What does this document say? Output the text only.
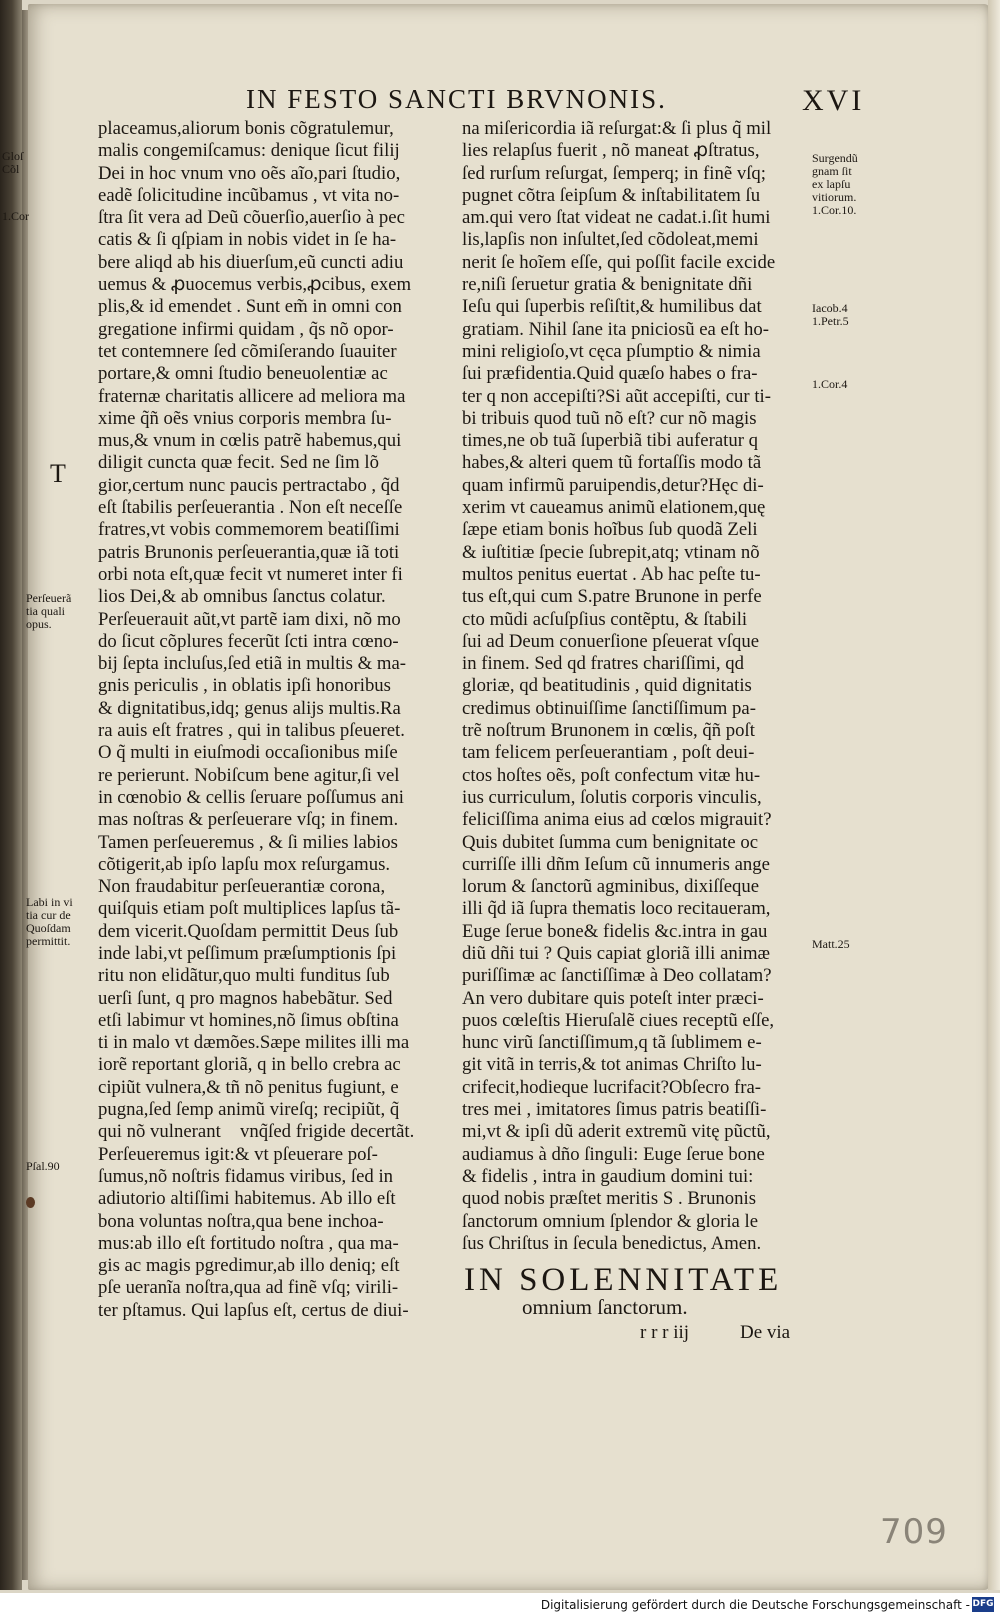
IN FESTO SANCTI BRVNONIS.	XVI
Gloſ
Cõl
1.Cor
T
Perſeuerã
tia quali
opus.
Labi in vi
tia cur de
Quoſdam
permittit.
Pſal.90
placeamus,aliorum bonis cõgratulemur,
malis congemiſcamus: denique ſicut filij
Dei in hoc vnum vno oẽs aĩo,pari ſtudio,
eadẽ ſolicitudine incũbamus , vt vita no-
ſtra ſit vera ad Deũ cõuerſio,auerſio à pec
catis & ſi qſpiam in nobis videt in ſe ha-
bere aliqd ab his diuerſum,eũ cuncti adiu
uemus & ꝓuocemus verbis,ꝓcibus, exem
plis,& id emendet . Sunt em̃ in omni con
gregatione infirmi quidam , q̃s nõ opor-
tet contemnere ſed cõmiſerando ſuauiter
portare,& omni ſtudio beneuolentiæ ac
fraternæ charitatis allicere ad meliora ma
xime q̃ñ oẽs vnius corporis membra ſu-
mus,& vnum in cœlis patrẽ habemus,qui
diligit cuncta quæ fecit. Sed ne ſim lõ
gior,certum nunc paucis pertractabo , q̃d
eſt ſtabilis perſeuerantia . Non eſt neceſſe
fratres,vt vobis commemorem beatiſſimi
patris Brunonis perſeuerantia,quæ iã toti
orbi nota eſt,quæ fecit vt numeret inter fi
lios Dei,& ab omnibus ſanctus colatur.
Perſeuerauit aũt,vt partẽ iam dixi, nõ mo
do ſicut cõplures fecerũt ſcti intra cœno-
bij ſepta incluſus,ſed etiã in multis & ma-
gnis periculis , in oblatis ipſi honoribus
& dignitatibus,idq; genus alijs multis.Ra
ra auis eſt fratres , qui in talibus pſeueret.
O q̃ multi in eiuſmodi occaſionibus miſe
re perierunt. Nobiſcum bene agitur,ſi vel
in cœnobio & cellis ſeruare poſſumus ani
mas noſtras & perſeuerare vſq; in finem.
Tamen perſeueremus , & ſi milies labios
cõtigerit,ab ipſo lapſu mox reſurgamus.
Non fraudabitur perſeuerantiæ corona,
quiſquis etiam poſt multiplices lapſus tã-
dem vicerit.Quoſdam permittit Deus ſub
inde labi,vt peſſimum præſumptionis ſpi
ritu non elidãtur,quo multi funditus ſub
uerſi ſunt, q pro magnos habebãtur. Sed
etſi labimur vt homines,nõ ſimus obſtina
ti in malo vt dæmões.Sæpe milites illi ma
iorẽ reportant gloriã, q in bello crebra ac
cipiũt vulnera,& tñ nõ penitus fugiunt, e
pugna,ſed ſemp animũ vireſq; recipiũt, q̃
qui nõ vulnerantᷓ vnq̃ſed frigide decertãt.
Perſeueremus igit:& vt pſeuerare poſ-
ſumus,nõ noſtris fidamus viribus, ſed in
adiutorio altiſſimi habitemus. Ab illo eſt
bona voluntas noſtra,qua bene inchoa-
mus:ab illo eſt fortitudo noſtra , qua ma-
gis ac magis pgredimur,ab illo deniq; eſt
pſe ueranĩa noſtra,qua ad finẽ vſq; virili-
ter pſtamus. Qui lapſus eſt, certus de diui-
na miſericordia iã reſurgat:& ſi plus q̃ mil
lies relapſus fuerit , nõ maneat ꝓſtratus,
ſed rurſum reſurgat, ſemperq; in finẽ vſq;
pugnet cõtra ſeipſum & inſtabilitatem ſu
am.qui vero ſtat videat ne cadat.i.ſit humi
lis,lapſis non inſultet,ſed cõdoleat,memi
nerit ſe hoĩem eſſe, qui poſſit facile excide
re,niſi ſeruetur gratia & benignitate dñi
Ieſu qui ſuperbis reſiſtit,& humilibus dat
gratiam. Nihil ſane ita pniciosũ ea eſt ho-
mini religioſo,vt cęca pſumptio & nimia
ſui præfidentia.Quid quæſo habes o fra-
ter q non accepiſti?Si aũt accepiſti, cur ti-
bi tribuis quod tuũ nõ eſt? cur nõ magis
times,ne ob tuã ſuperbiã tibi auferatur q
habes,& alteri quem tũ fortaſſis modo tã
quam infirmũ paruipendis,detur?Hęc di-
xerim vt caueamus animũ elationem,quę
ſæpe etiam bonis hoĩbus ſub quodã Zeli
& iuſtitiæ ſpecie ſubrepit,atq; vtinam nõ
multos penitus euertat . Ab hac peſte tu-
tus eſt,qui cum S.patre Brunone in perfe
cto mũdi acſuſpſius contẽptu, & ſtabili
ſui ad Deum conuerſione pſeuerat vſque
in finem. Sed qd fratres chariſſimi, qd
gloriæ, qd beatitudinis , quid dignitatis
credimus obtinuiſſime ſanctiſſimum pa-
trẽ noſtrum Brunonem in cœlis, q̃ñ poſt
tam felicem perſeuerantiam , poſt deui-
ctos hoſtes oẽs, poſt confectum vitæ hu-
ius curriculum, ſolutis corporis vinculis,
feliciſſima anima eius ad cœlos migrauit?
Quis dubitet ſumma cum benignitate oc
curriſſe illi dñm Ieſum cũ innumeris ange
lorum & ſanctorũ agminibus, dixiſſeque
illi q̃d iã ſupra thematis loco recitaueram,
Euge ſerue bone& fidelis &c.intra in gau
diũ dñi tui ? Quis capiat gloriã illi animæ
puriſſimæ ac ſanctiſſimæ à Deo collatam?
An vero dubitare quis poteſt inter præci-
puos cœleſtis Hieruſalẽ ciues receptũ eſſe,
hunc virũ ſanctiſſimum,q tã ſublimem e-
git vitã in terris,& tot animas Chriſto lu-
crifecit,hodieque lucrifacit?Obſecro fra-
tres mei , imitatores ſimus patris beatiſſi-
mi,vt & ipſi dũ aderit extremũ vitę pũctũ,
audiamus à dño ſinguli: Euge ſerue bone
& fidelis , intra in gaudium domini tui:
quod nobis præſtet meritis S . Brunonis
ſanctorum omnium ſplendor & gloria le
ſus Chriſtus in ſecula benedictus, Amen.
Surgendũ
gnam ſit
ex lapſu
vitiorum.
1.Cor.10.
Iacob.4
1.Petr.5
1.Cor.4
Matt.25
IN SOLENNITATE
omnium ſanctorum.
r r r iij	De via
709
Digitalisierung gefördert durch die Deutsche Forschungsgemeinschaft - DFG
